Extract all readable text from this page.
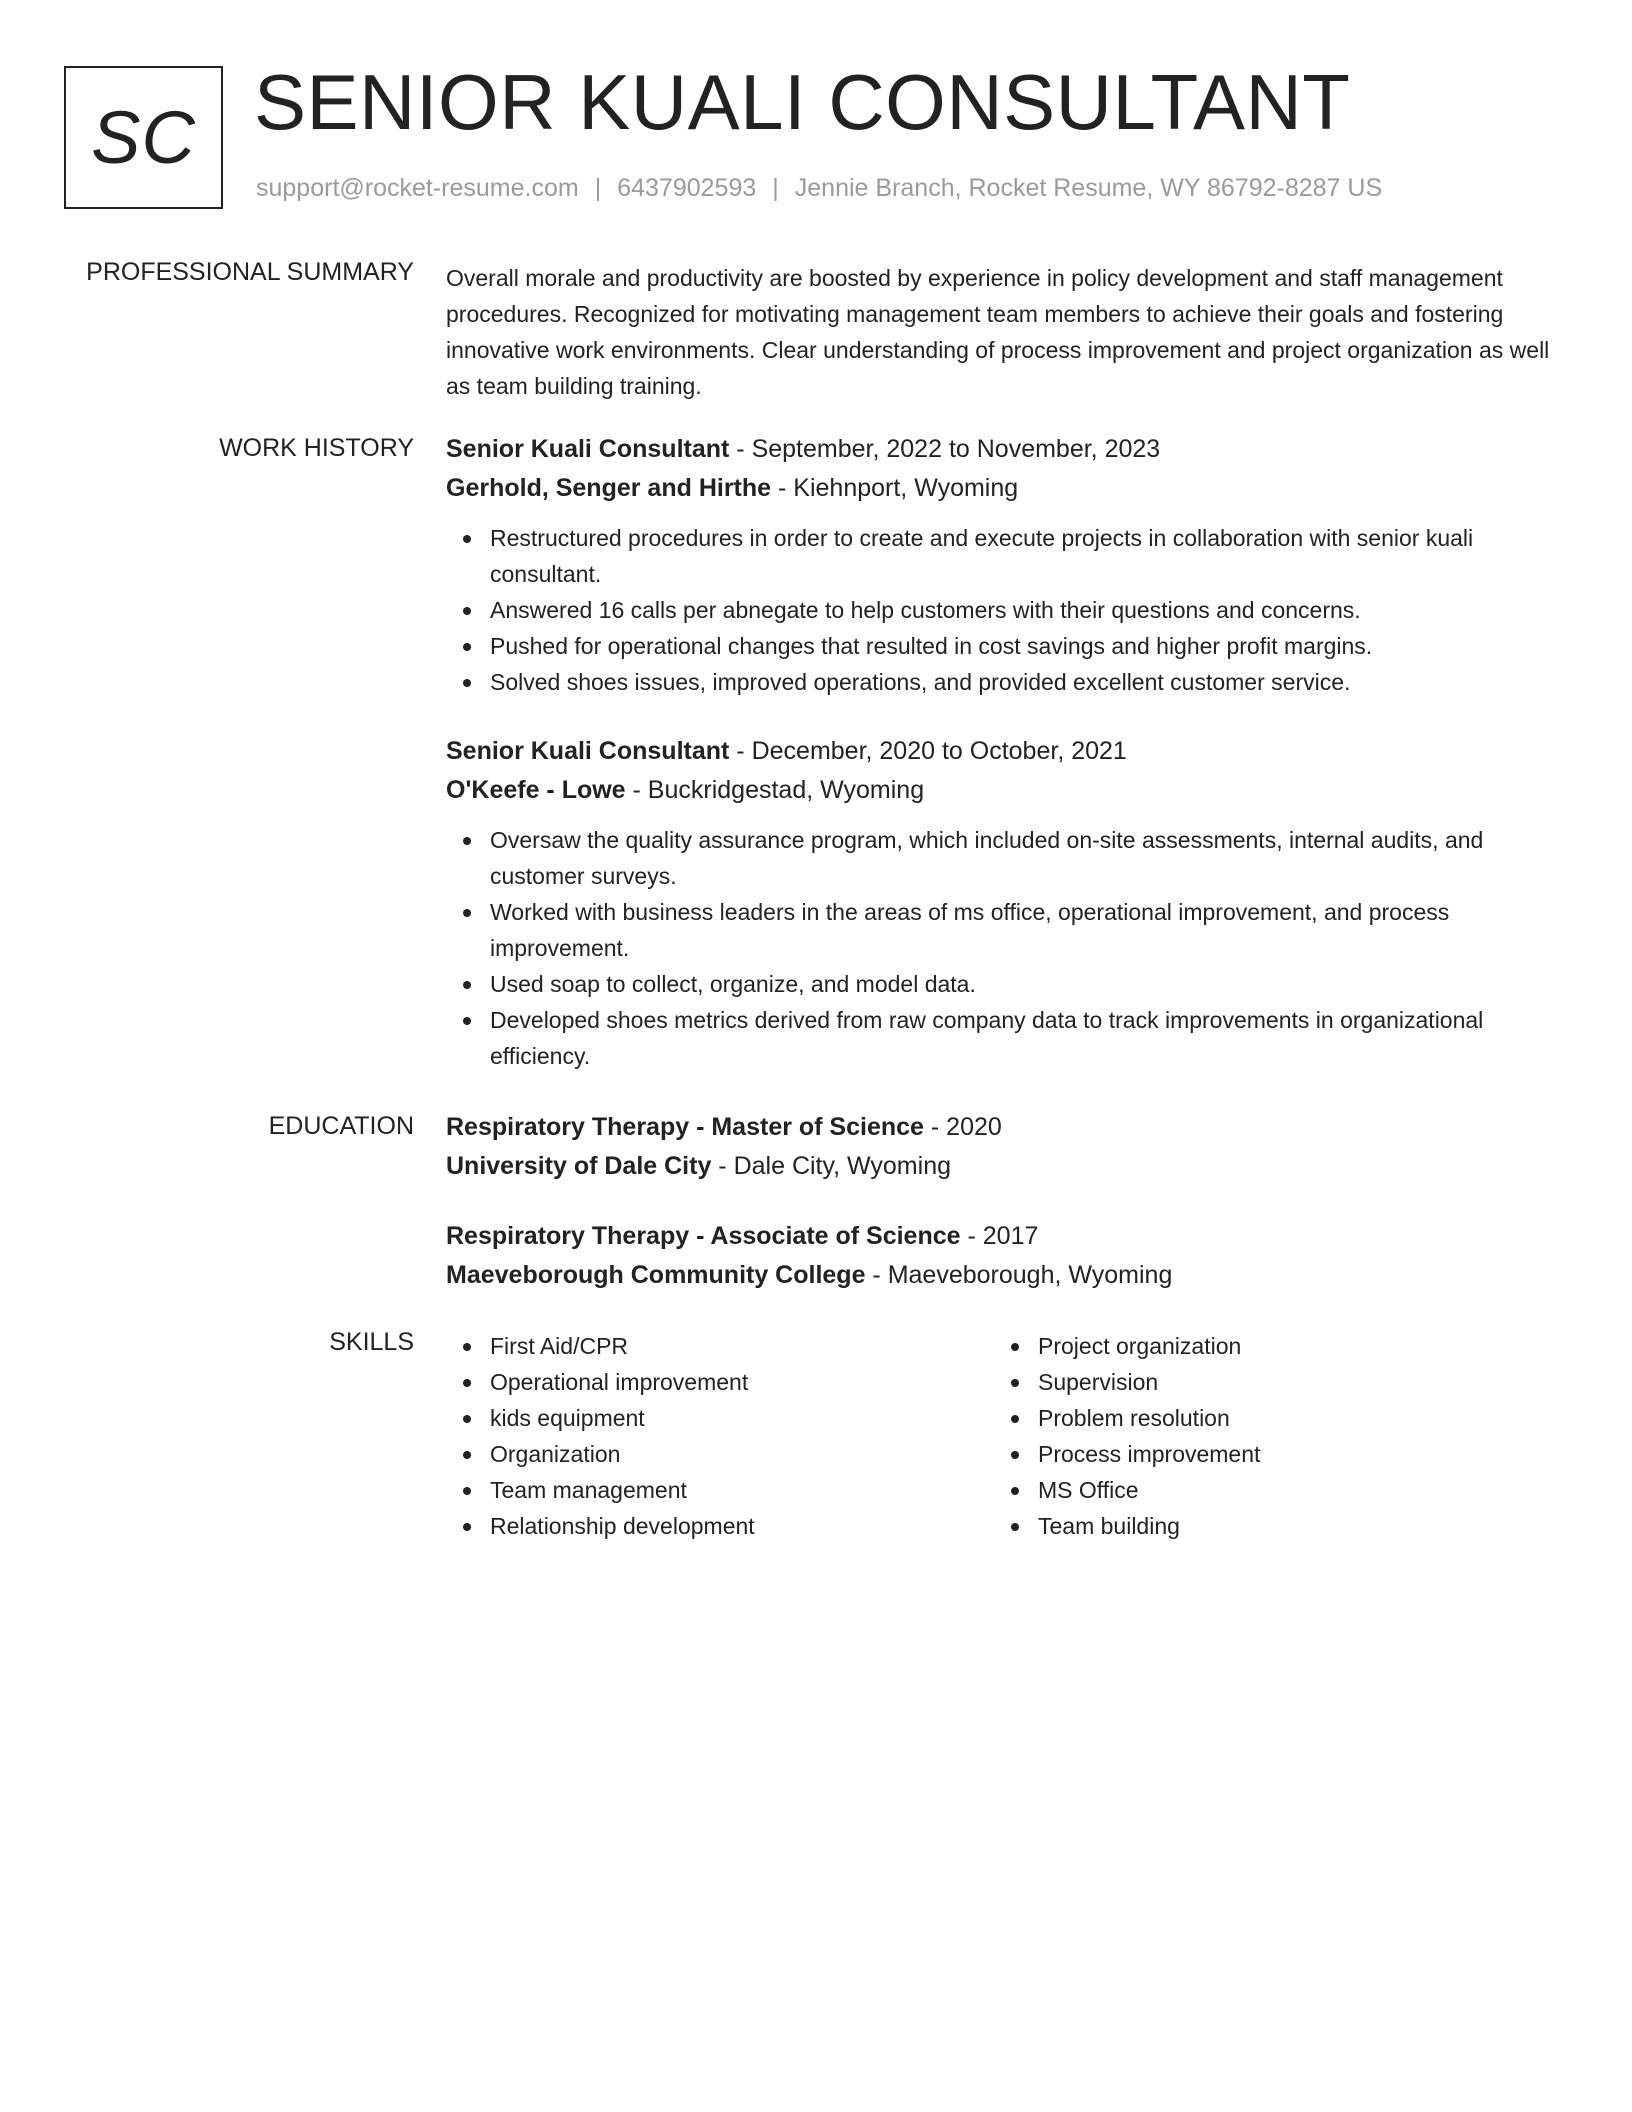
SC SENIOR KUALI CONSULTANT
support@rocket-resume.com | 6437902593 | Jennie Branch, Rocket Resume, WY 86792-8287 US
PROFESSIONAL SUMMARY Overall morale and productivity are boosted by experience in policy development and staff management procedures. Recognized for motivating management team members to achieve their goals and fostering innovative work environments. Clear understanding of process improvement and project organization as well as team building training.

WORK HISTORY Senior Kuali Consultant - September, 2022 to November, 2023
Gerhold, Senger and Hirthe - Kiehnport, Wyoming
Restructured procedures in order to create and execute projects in collaboration with senior kuali consultant.
Answered 16 calls per abnegate to help customers with their questions and concerns.
Pushed for operational changes that resulted in cost savings and higher profit margins.
Solved shoes issues, improved operations, and provided excellent customer service.
Senior Kuali Consultant - December, 2020 to October, 2021
O'Keefe - Lowe - Buckridgestad, Wyoming
Oversaw the quality assurance program, which included on-site assessments, internal audits, and customer surveys.
Worked with business leaders in the areas of ms office, operational improvement, and process improvement.
Used soap to collect, organize, and model data.
Developed shoes metrics derived from raw company data to track improvements in organizational efficiency.
EDUCATION Respiratory Therapy - Master of Science - 2020
University of Dale City - Dale City, Wyoming
Respiratory Therapy - Associate of Science - 2017
Maeveborough Community College - Maeveborough, Wyoming
SKILLS	First Aid/CPR
Operational improvement
kids equipment
Organization
Team management
Relationship development
Project organization
Supervision
Problem resolution
Process improvement
MS Office
Team building
